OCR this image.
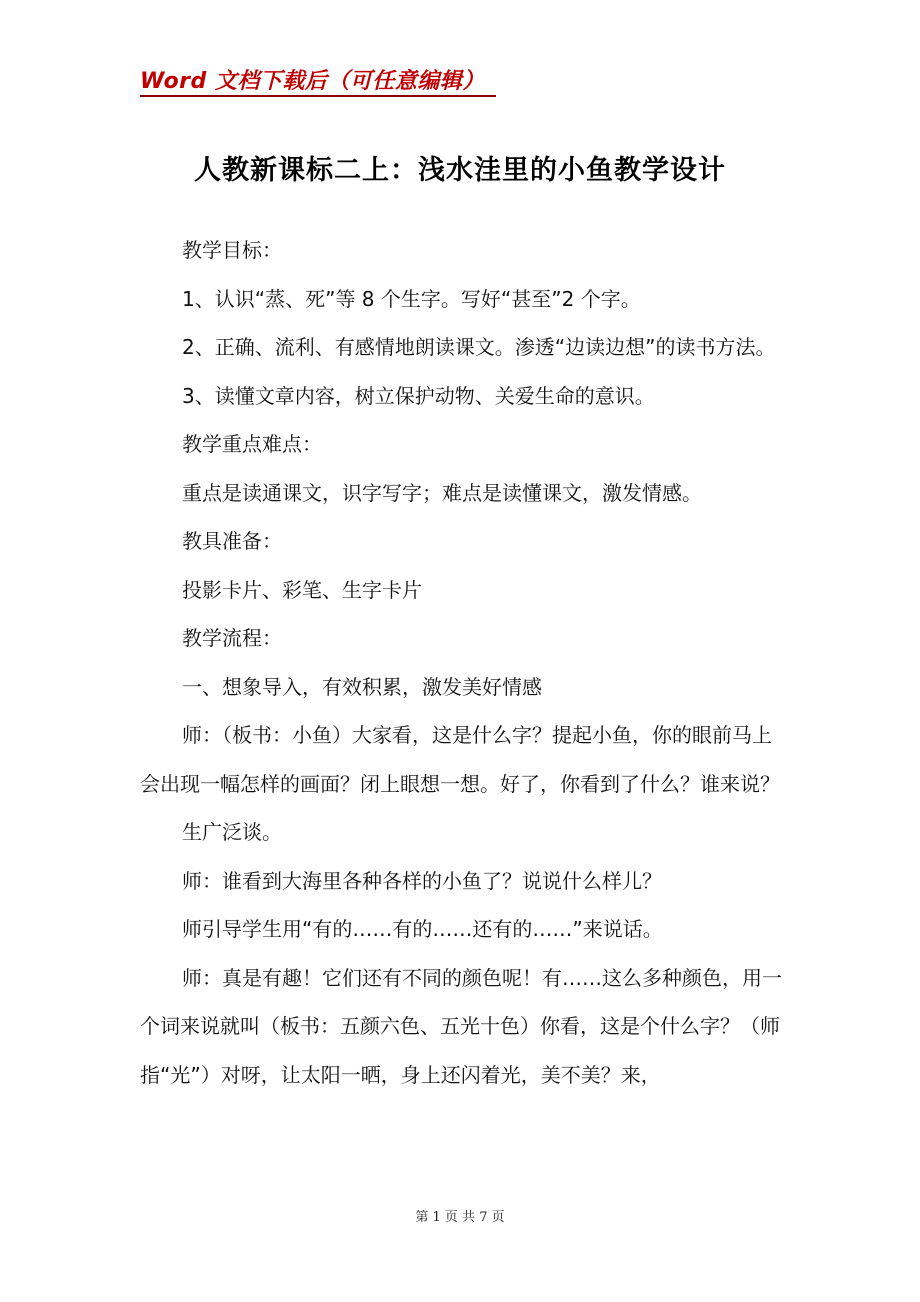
Word 文档下载后（可任意编辑）
人教新课标二上：浅水洼里的小鱼教学设计

教学目标：

1、认识“蒸、死”等 8 个生字。写好“甚至”2 个字。

2、正确、流利、有感情地朗读课文。渗透“边读边想”的读书方法。

3、读懂文章内容，树立保护动物、关爱生命的意识。

教学重点难点：

重点是读通课文，识字写字；难点是读懂课文，激发情感。

教具准备：

投影卡片、彩笔、生字卡片

教学流程：

一、想象导入，有效积累，激发美好情感

师：（板书：小鱼）大家看，这是什么字？提起小鱼，你的眼前马上会出现一幅怎样的画面？闭上眼想一想。好了，你看到了什么？谁来说？

生广泛谈。

师：谁看到大海里各种各样的小鱼了？说说什么样儿？

师引导学生用“有的……有的……还有的……”来说话。

师：真是有趣！它们还有不同的颜色呢！有……这么多种颜色，用一个词来说就叫（板书：五颜六色、五光十色）你看，这是个什么字？（师指“光”）对呀，让太阳一晒，身上还闪着光，美不美？来，

第 1 页 共 7 页
